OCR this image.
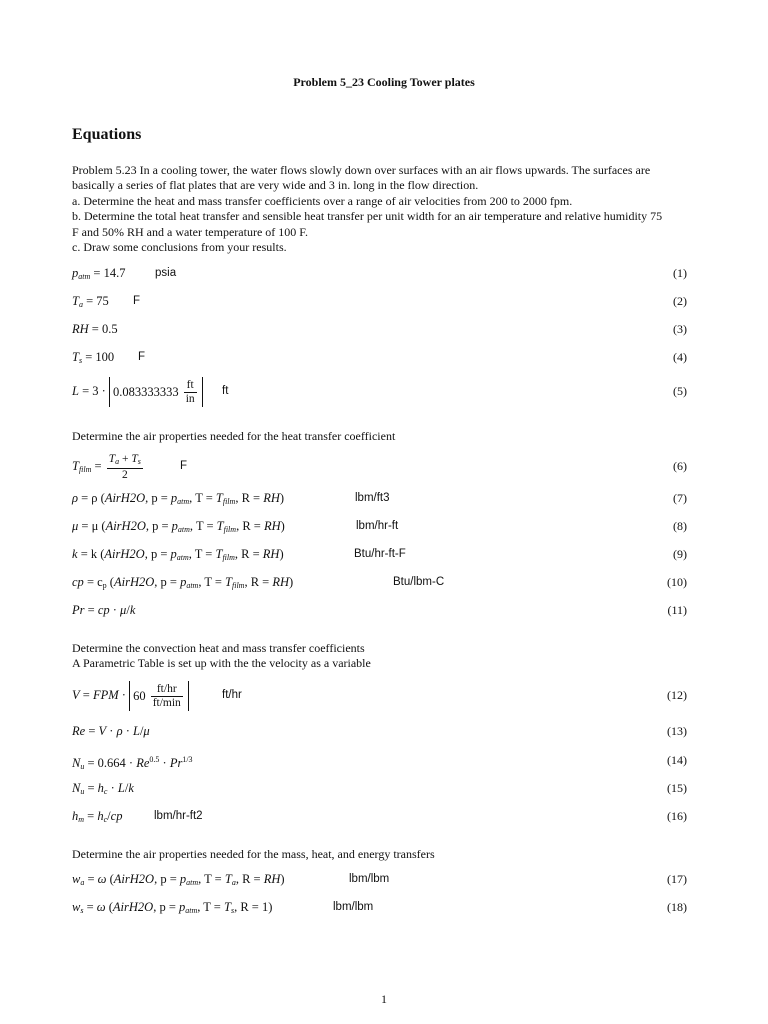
Problem 5_23 Cooling Tower plates
Equations
Problem 5.23 In a cooling tower, the water flows slowly down over surfaces with an air flows upwards. The surfaces are
basically a series of flat plates that are very wide and 3 in. long in the flow direction.
a. Determine the heat and mass transfer coefficients over a range of air velocities from 200 to 2000 fpm.
b. Determine the total heat transfer and sensible heat transfer per unit width for an air temperature and relative humidity 75
F and 50% RH and a water temperature of 100 F.
c. Draw some conclusions from your results.
$p_{atm} = 14.7$	psia	(1)
$T_a = 75$ F	(2)
RH = 0.5	(3)
$T_s = 100$ F	(4)
$L = 3 \cdot 0.083333333 \frac{ft}{in}$ ft	(5)
Determine the air properties needed for the heat transfer coefficient
$T_{film} = \frac{T_a + T_s}{2}$	F	(6)
ρ = ρ (AirH2O, $p = p_{atm}$, $T = T_{film}$, R = RH)	lbm/ft3	(7)
μ = μ (AirH2O, $p = p_{atm}$, $T = T_{film}$, R = RH)	lbm/hr-ft	(8)
k = k (AirH2O, $p = p_{atm}$, $T = T_{film}$, R = RH)	Btu/hr-ft-F	(9)
cp = $c_p$ (AirH2O, $p = p_{atm}$, $T = T_{film}$, R = RH)	Btu/lbm-C	(10)
Pr = cp · μ/k	(11)
Determine the convection heat and mass transfer coefficients
A Parametric Table is set up with the the velocity as a variable
V = FPM · $60 \frac{ft/hr}{ft/\min}$	ft/hr	(12)
Re = V · ρ · L/μ	(13)
$N_u = 0.664 \cdot Re^{0.5} \cdot Pr^{1/3}$	(14)
$N_u = h_c \cdot L/k$	(15)
$h_m = h_c/cp$	lbm/hr-ft2	(16)
Determine the air properties needed for the mass, heat, and energy transfers
$w_a = \omega$ (AirH2O, $p = p_{atm}$, $T = T_a$, R = RH)	lbm/lbm	(17)
$w_s = \omega$ (AirH2O, $p = p_{atm}$, $T = T_s$, R = 1)	lbm/lbm	(18)
1
